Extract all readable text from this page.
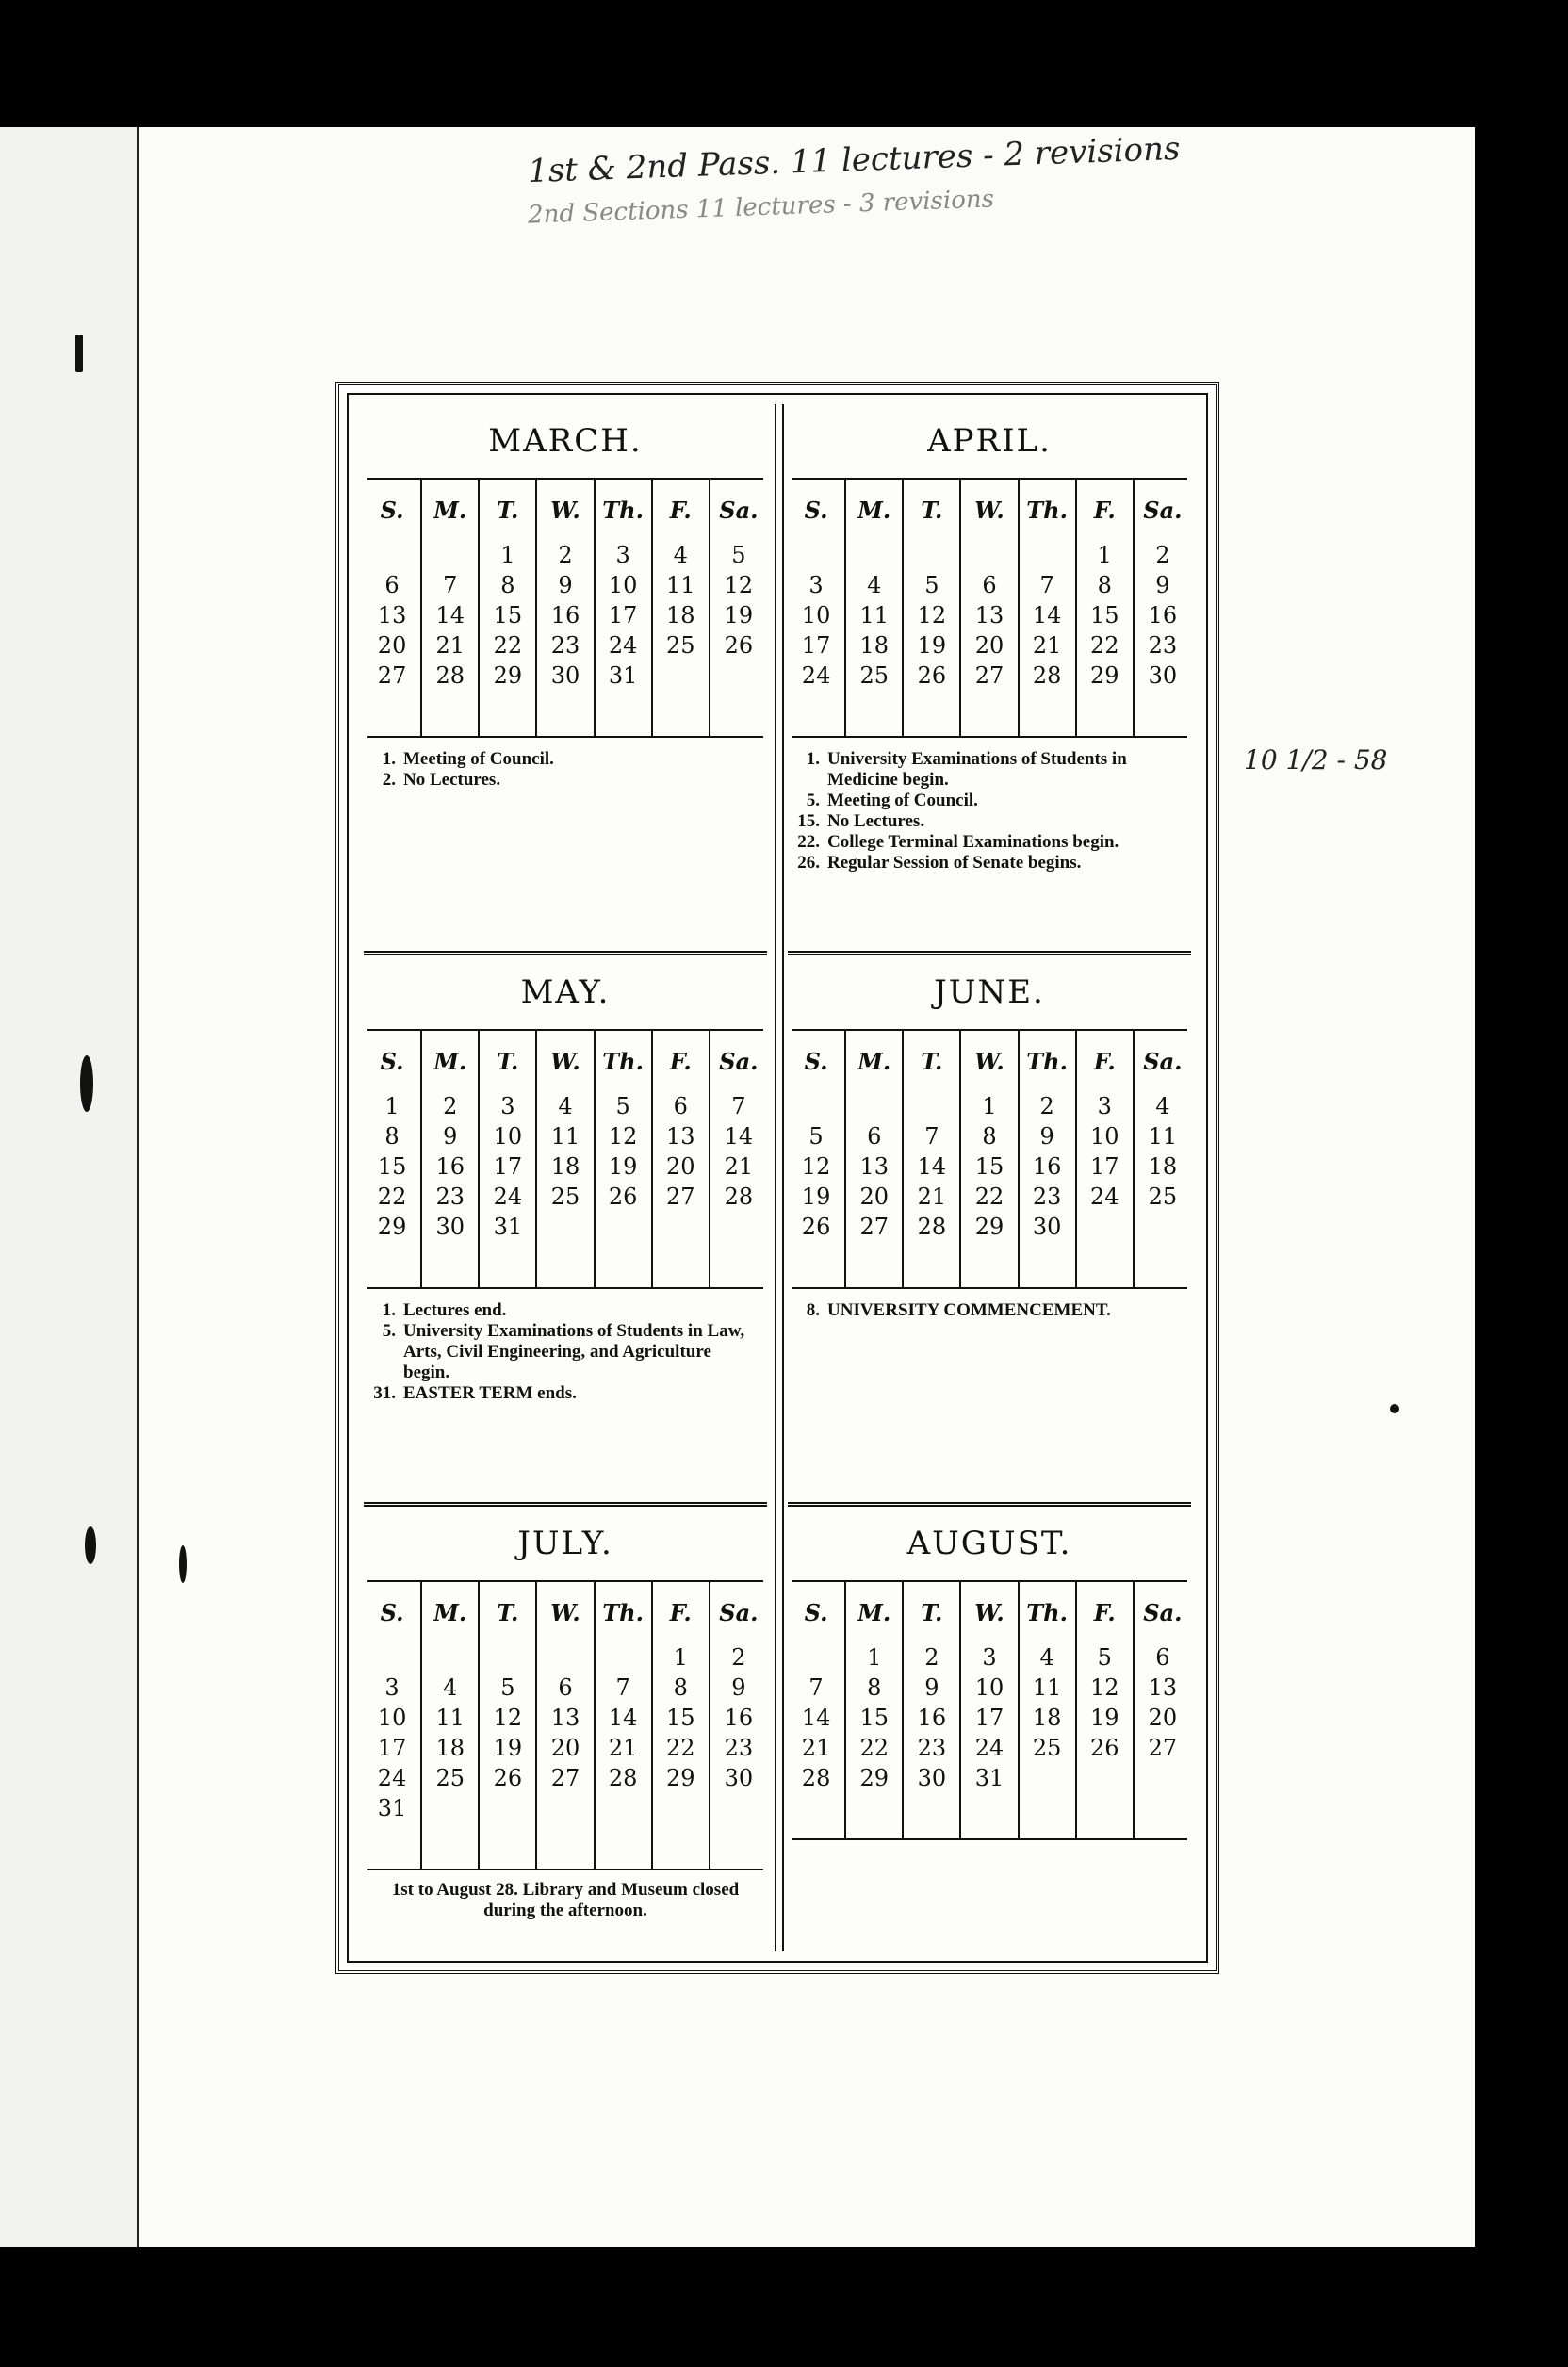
1st & 2nd Pass. 11 lectures - 2 revisions
2nd Sections 11 lectures - 3 revisions
10 1/2 - 58
MARCH.
S.	M.	T.	W.	Th.	F.	Sa.
		1	2	3	4	5
6	7	8	9	10	11	12
13	14	15	16	17	18	19
20	21	22	23	24	25	26
27	28	29	30	31		

1. Meeting of Council.
2. No Lectures.
APRIL.
S.	M.	T.	W.	Th.	F.	Sa.
					1	2
3	4	5	6	7	8	9
10	11	12	13	14	15	16
17	18	19	20	21	22	23
24	25	26	27	28	29	30

1. University Examinations of Students in Medicine begin.
5. Meeting of Council.
15. No Lectures.
22. College Terminal Examinations begin.
26. Regular Session of Senate begins.
MAY.
S.	M.	T.	W.	Th.	F.	Sa.
1	2	3	4	5	6	7
8	9	10	11	12	13	14
15	16	17	18	19	20	21
22	23	24	25	26	27	28
29	30	31				

1. Lectures end.
5. University Examinations of Students in Law, Arts, Civil Engineering, and Agriculture begin.
31. EASTER TERM ends.
JUNE.
S.	M.	T.	W.	Th.	F.	Sa.
			1	2	3	4
5	6	7	8	9	10	11
12	13	14	15	16	17	18
19	20	21	22	23	24	25
26	27	28	29	30		

8. UNIVERSITY COMMENCEMENT.
JULY.
S.	M.	T.	W.	Th.	F.	Sa.
					1	2
3	4	5	6	7	8	9
10	11	12	13	14	15	16
17	18	19	20	21	22	23
24	25	26	27	28	29	30
31						

1st to August 28. Library and Museum closed during the afternoon.
AUGUST.
S.	M.	T.	W.	Th.	F.	Sa.
	1	2	3	4	5	6
7	8	9	10	11	12	13
14	15	16	17	18	19	20
21	22	23	24	25	26	27
28	29	30	31			
